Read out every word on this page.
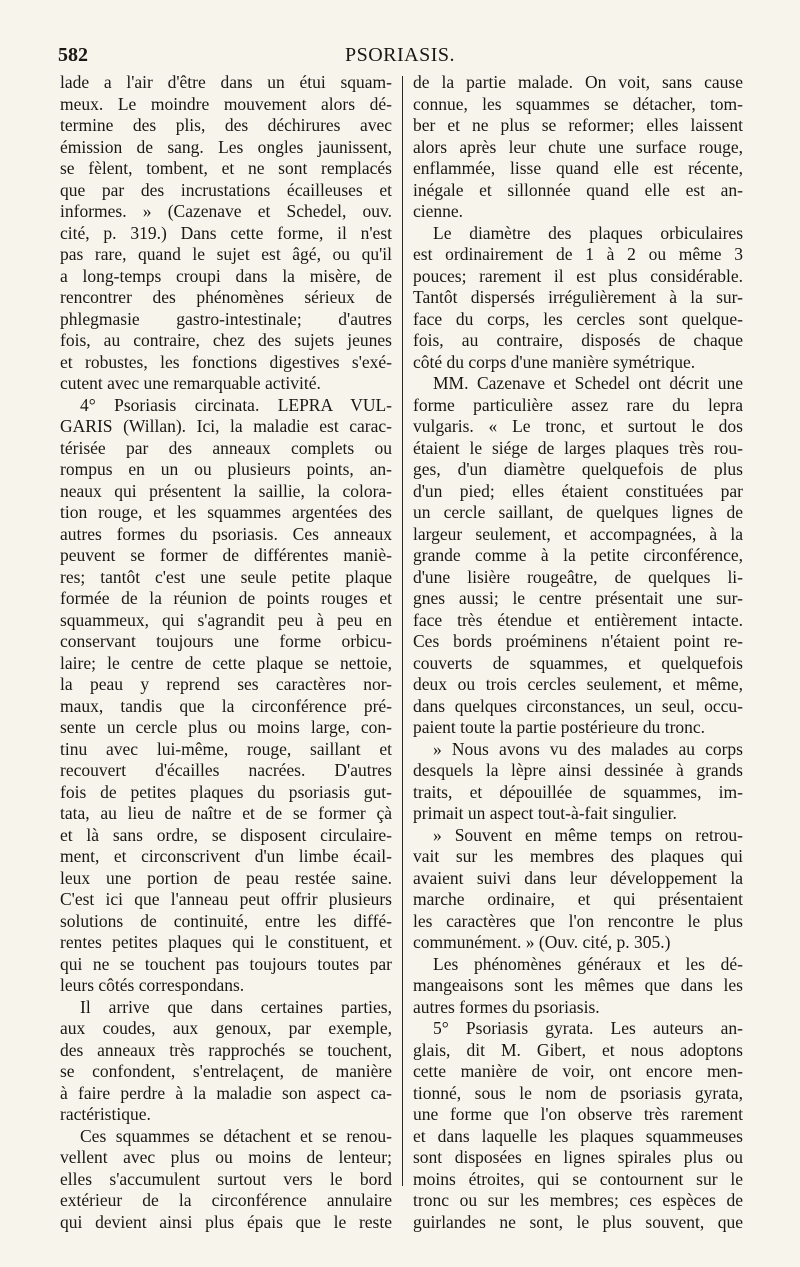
582	PSORIASIS.
lade a l'air d'être dans un étui squam-
meux. Le moindre mouvement alors dé-
termine des plis, des déchirures avec
émission de sang. Les ongles jaunissent,
se fèlent, tombent, et ne sont remplacés
que par des incrustations écailleuses et
informes. » (Cazenave et Schedel, ouv.
cité, p. 319.) Dans cette forme, il n'est
pas rare, quand le sujet est âgé, ou qu'il
a long-temps croupi dans la misère, de
rencontrer des phénomènes sérieux de
phlegmasie gastro-intestinale; d'autres
fois, au contraire, chez des sujets jeunes
et robustes, les fonctions digestives s'exé-
cutent avec une remarquable activité.
4° Psoriasis circinata. LEPRA VUL-
GARIS (Willan). Ici, la maladie est carac-
térisée par des anneaux complets ou
rompus en un ou plusieurs points, an-
neaux qui présentent la saillie, la colora-
tion rouge, et les squammes argentées des
autres formes du psoriasis. Ces anneaux
peuvent se former de différentes maniè-
res; tantôt c'est une seule petite plaque
formée de la réunion de points rouges et
squammeux, qui s'agrandit peu à peu en
conservant toujours une forme orbicu-
laire; le centre de cette plaque se nettoie,
la peau y reprend ses caractères nor-
maux, tandis que la circonférence pré-
sente un cercle plus ou moins large, con-
tinu avec lui-même, rouge, saillant et
recouvert d'écailles nacrées. D'autres
fois de petites plaques du psoriasis gut-
tata, au lieu de naître et de se former çà
et là sans ordre, se disposent circulaire-
ment, et circonscrivent d'un limbe écail-
leux une portion de peau restée saine.
C'est ici que l'anneau peut offrir plusieurs
solutions de continuité, entre les diffé-
rentes petites plaques qui le constituent, et
qui ne se touchent pas toujours toutes par
leurs côtés correspondans.
Il arrive que dans certaines parties,
aux coudes, aux genoux, par exemple,
des anneaux très rapprochés se touchent,
se confondent, s'entrelaçent, de manière
à faire perdre à la maladie son aspect ca-
ractéristique.
Ces squammes se détachent et se renou-
vellent avec plus ou moins de lenteur;
elles s'accumulent surtout vers le bord
extérieur de la circonférence annulaire
qui devient ainsi plus épais que le reste
de la partie malade. On voit, sans cause
connue, les squammes se détacher, tom-
ber et ne plus se reformer; elles laissent
alors après leur chute une surface rouge,
enflammée, lisse quand elle est récente,
inégale et sillonnée quand elle est an-
cienne.
Le diamètre des plaques orbiculaires
est ordinairement de 1 à 2 ou même 3
pouces; rarement il est plus considérable.
Tantôt dispersés irrégulièrement à la sur-
face du corps, les cercles sont quelque-
fois, au contraire, disposés de chaque
côté du corps d'une manière symétrique.
MM. Cazenave et Schedel ont décrit une
forme particulière assez rare du lepra
vulgaris. « Le tronc, et surtout le dos
étaient le siége de larges plaques très rou-
ges, d'un diamètre quelquefois de plus
d'un pied; elles étaient constituées par
un cercle saillant, de quelques lignes de
largeur seulement, et accompagnées, à la
grande comme à la petite circonférence,
d'une lisière rougeâtre, de quelques li-
gnes aussi; le centre présentait une sur-
face très étendue et entièrement intacte.
Ces bords proéminens n'étaient point re-
couverts de squammes, et quelquefois
deux ou trois cercles seulement, et même,
dans quelques circonstances, un seul, occu-
paient toute la partie postérieure du tronc.
» Nous avons vu des malades au corps
desquels la lèpre ainsi dessinée à grands
traits, et dépouillée de squammes, im-
primait un aspect tout-à-fait singulier.
» Souvent en même temps on retrou-
vait sur les membres des plaques qui
avaient suivi dans leur développement la
marche ordinaire, et qui présentaient
les caractères que l'on rencontre le plus
communément. » (Ouv. cité, p. 305.)
Les phénomènes généraux et les dé-
mangeaisons sont les mêmes que dans les
autres formes du psoriasis.
5° Psoriasis gyrata. Les auteurs an-
glais, dit M. Gibert, et nous adoptons
cette manière de voir, ont encore men-
tionné, sous le nom de psoriasis gyrata,
une forme que l'on observe très rarement
et dans laquelle les plaques squammeuses
sont disposées en lignes spirales plus ou
moins étroites, qui se contournent sur le
tronc ou sur les membres; ces espèces de
guirlandes ne sont, le plus souvent, que
